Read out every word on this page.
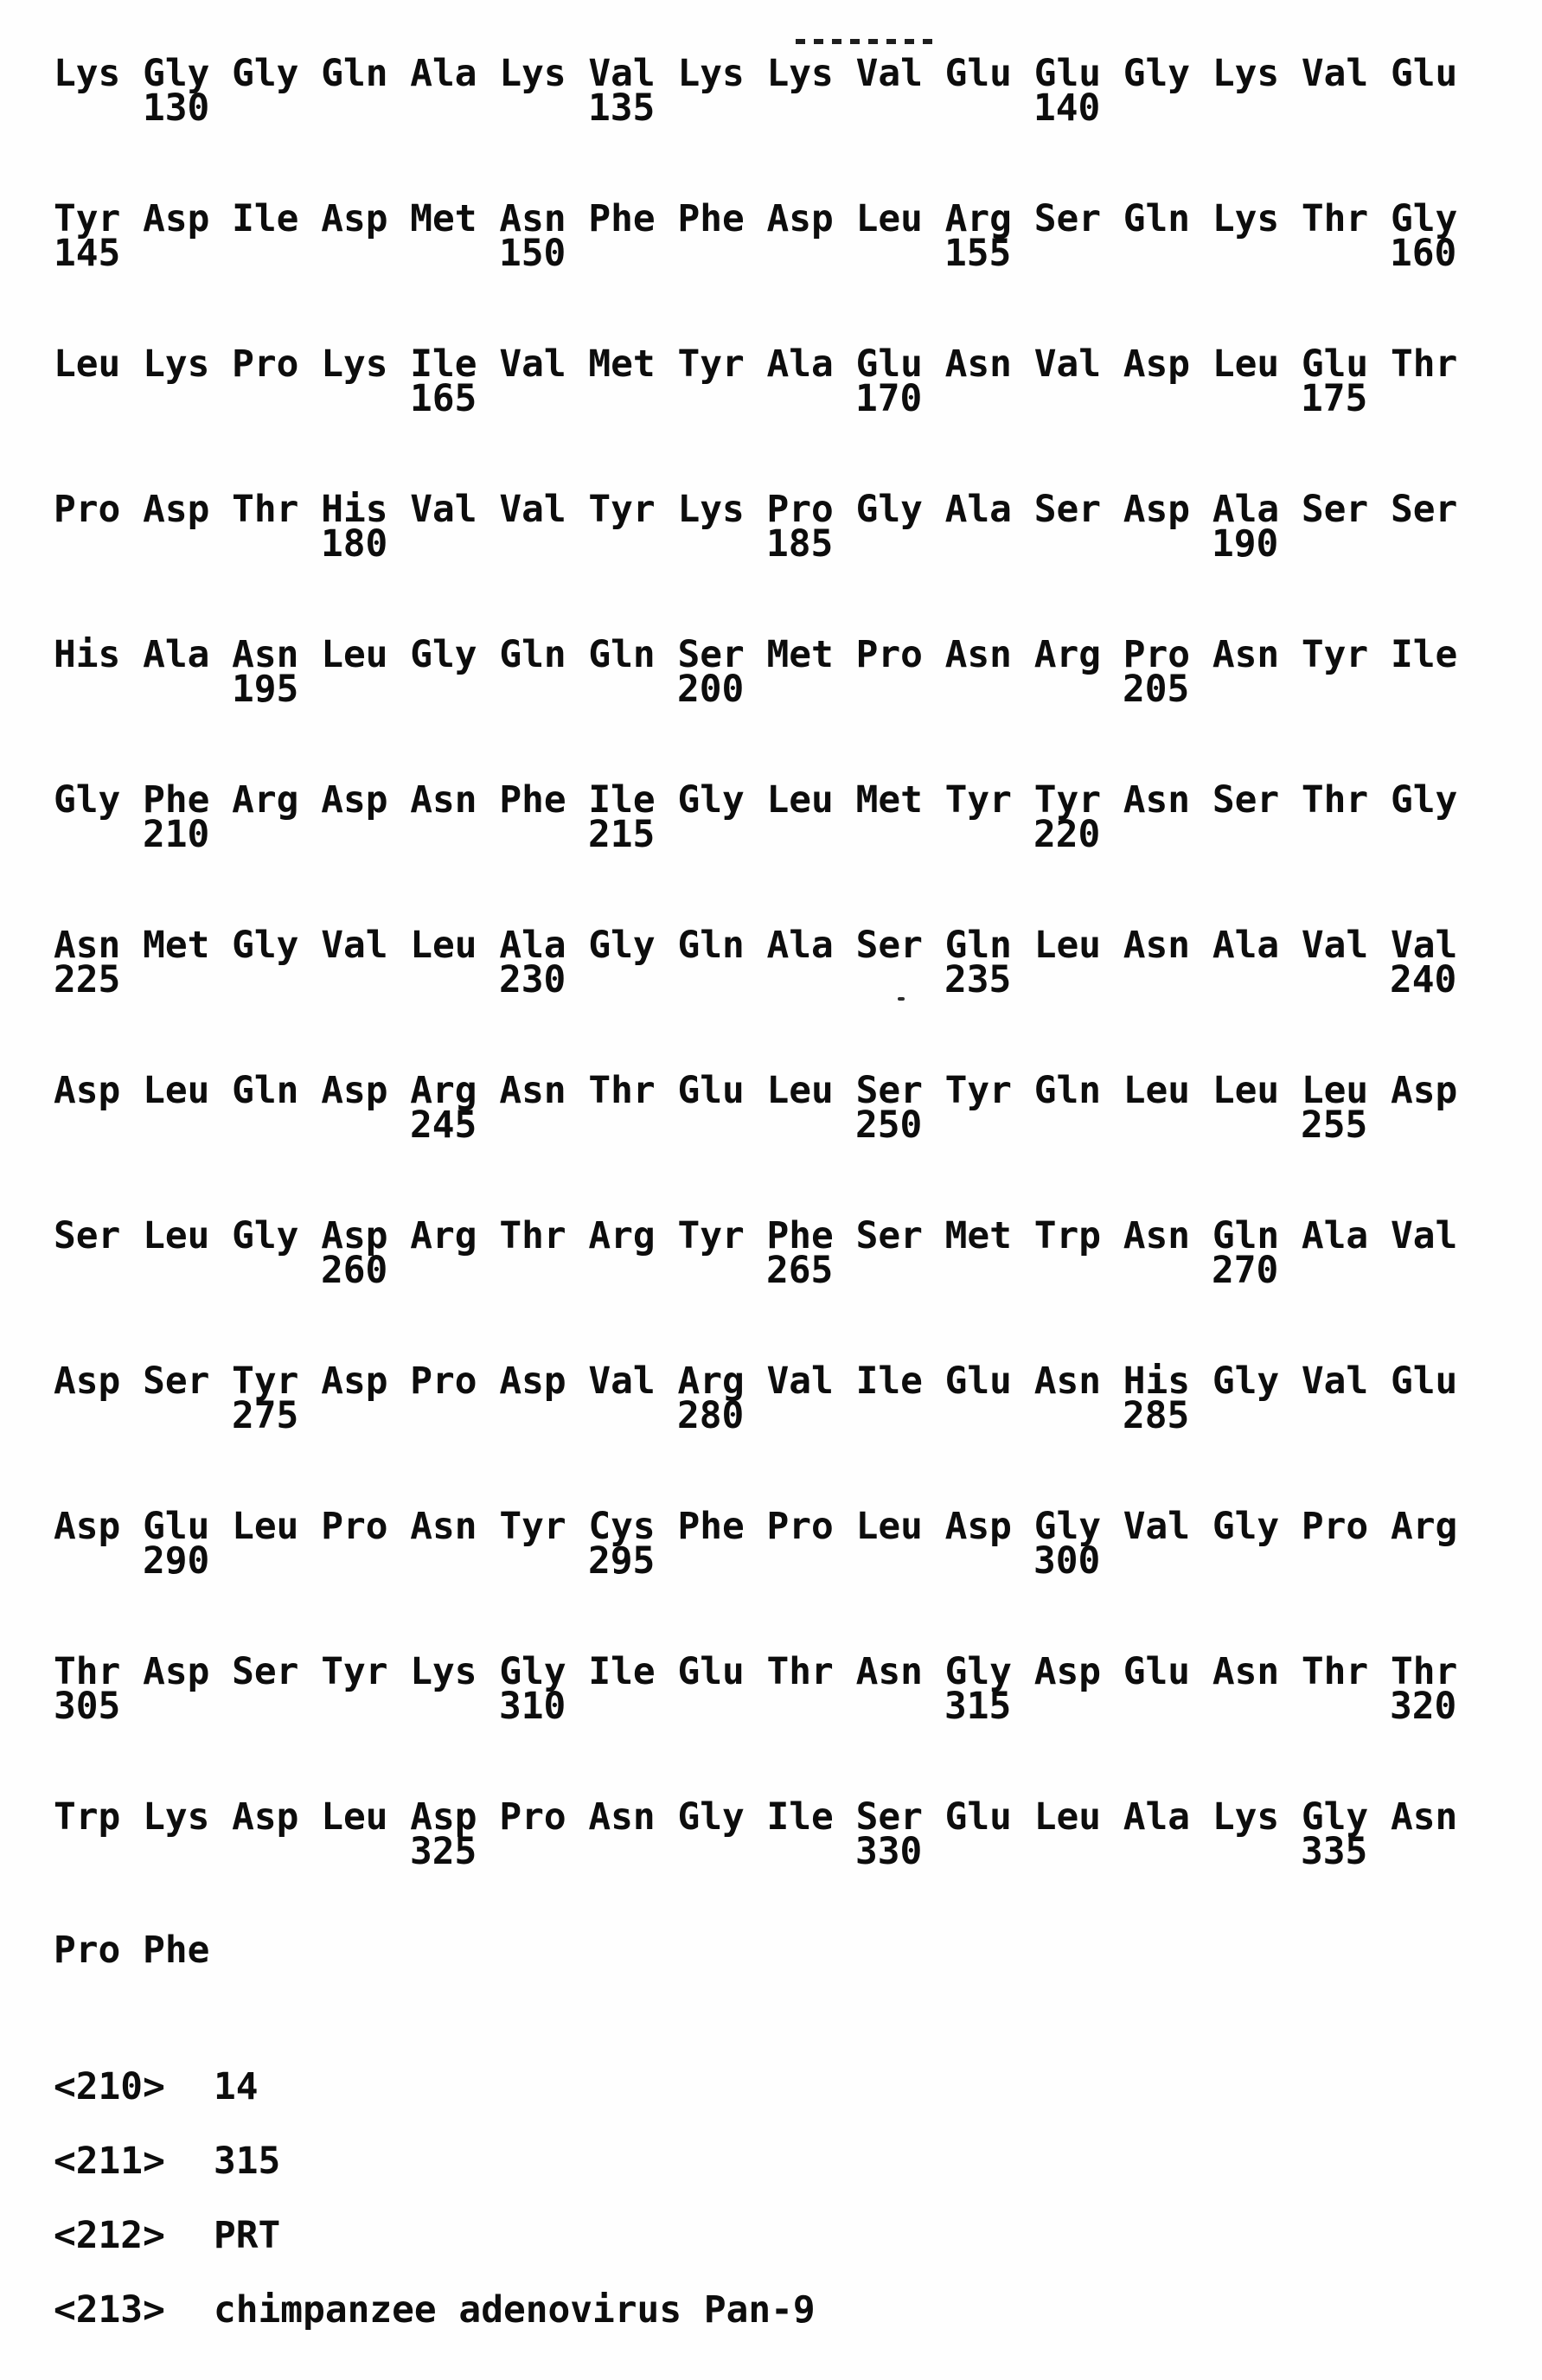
Lys Gly Gly Gln Ala Lys Val Lys Lys Val Glu Glu Gly Lys Val Glu
130	135	140
Tyr Asp Ile Asp Met Asn Phe Phe Asp Leu Arg Ser Gln Lys Thr Gly
145	150	155	160
Leu Lys Pro Lys Ile Val Met Tyr Ala Glu Asn Val Asp Leu Glu Thr
165	170	175
Pro Asp Thr His Val Val Tyr Lys Pro Gly Ala Ser Asp Ala Ser Ser
180	185	190
His Ala Asn Leu Gly Gln Gln Ser Met Pro Asn Arg Pro Asn Tyr Ile
195	200	205
Gly Phe Arg Asp Asn Phe Ile Gly Leu Met Tyr Tyr Asn Ser Thr Gly
210	215	220
Asn Met Gly Val Leu Ala Gly Gln Ala Ser Gln Leu Asn Ala Val Val
225	230	235	240
Asp Leu Gln Asp Arg Asn Thr Glu Leu Ser Tyr Gln Leu Leu Leu Asp
245	250	255
Ser Leu Gly Asp Arg Thr Arg Tyr Phe Ser Met Trp Asn Gln Ala Val
260	265	270
Asp Ser Tyr Asp Pro Asp Val Arg Val Ile Glu Asn His Gly Val Glu
275	280	285
Asp Glu Leu Pro Asn Tyr Cys Phe Pro Leu Asp Gly Val Gly Pro Arg
290	295	300
Thr Asp Ser Tyr Lys Gly Ile Glu Thr Asn Gly Asp Glu Asn Thr Thr
305	310	315	320
Trp Lys Asp Leu Asp Pro Asn Gly Ile Ser Glu Leu Ala Lys Gly Asn
325	330	335
Pro Phe
<210> 14
<211> 315
<212> PRT
<213> chimpanzee adenovirus Pan-9
